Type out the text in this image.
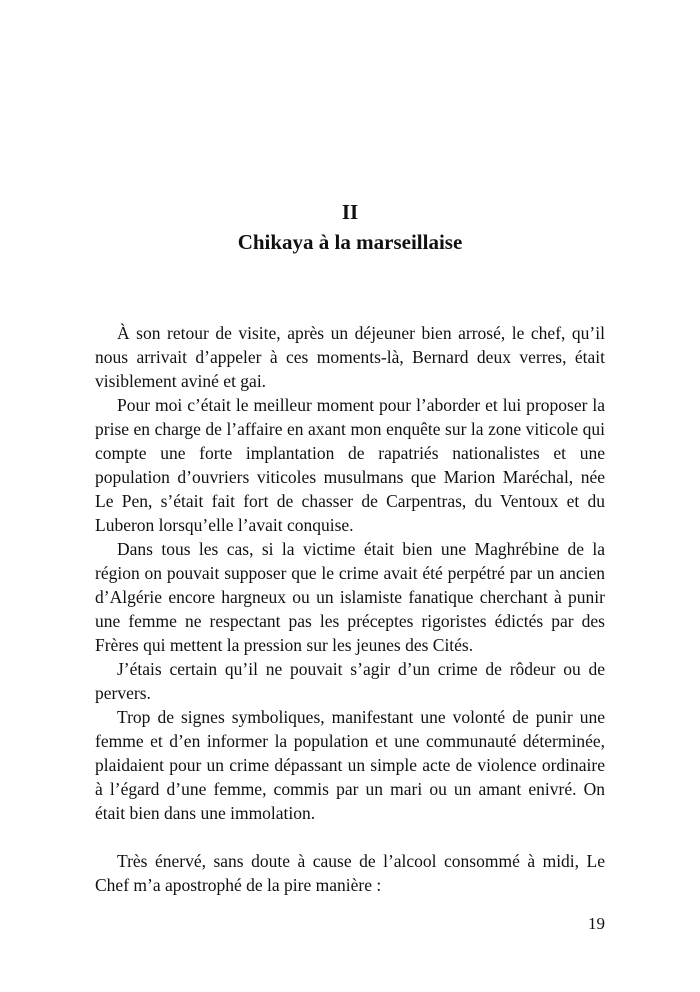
II
Chikaya à la marseillaise

À son retour de visite, après un déjeuner bien arrosé, le chef, qu’il nous arrivait d’appeler à ces moments-là, Bernard deux verres, était visiblement aviné et gai.

Pour moi c’était le meilleur moment pour l’aborder et lui proposer la prise en charge de l’affaire en axant mon enquête sur la zone viticole qui compte une forte implantation de rapatriés nationalistes et une population d’ouvriers viticoles musulmans que Marion Maréchal, née Le Pen, s’était fait fort de chasser de Carpentras, du Ventoux et du Luberon lorsqu’elle l’avait conquise.

Dans tous les cas, si la victime était bien une Maghrébine de la région on pouvait supposer que le crime avait été perpétré par un ancien d’Algérie encore hargneux ou un islamiste fanatique cherchant à punir une femme ne respectant pas les préceptes rigoristes édictés par des Frères qui mettent la pression sur les jeunes des Cités.

J’étais certain qu’il ne pouvait s’agir d’un crime de rôdeur ou de pervers.

Trop de signes symboliques, manifestant une volonté de punir une femme et d’en informer la population et une communauté déterminée, plaidaient pour un crime dépassant un simple acte de violence ordinaire à l’égard d’une femme, commis par un mari ou un amant enivré. On était bien dans une immolation.

Très énervé, sans doute à cause de l’alcool consommé à midi, Le Chef m’a apostrophé de la pire manière :

19
